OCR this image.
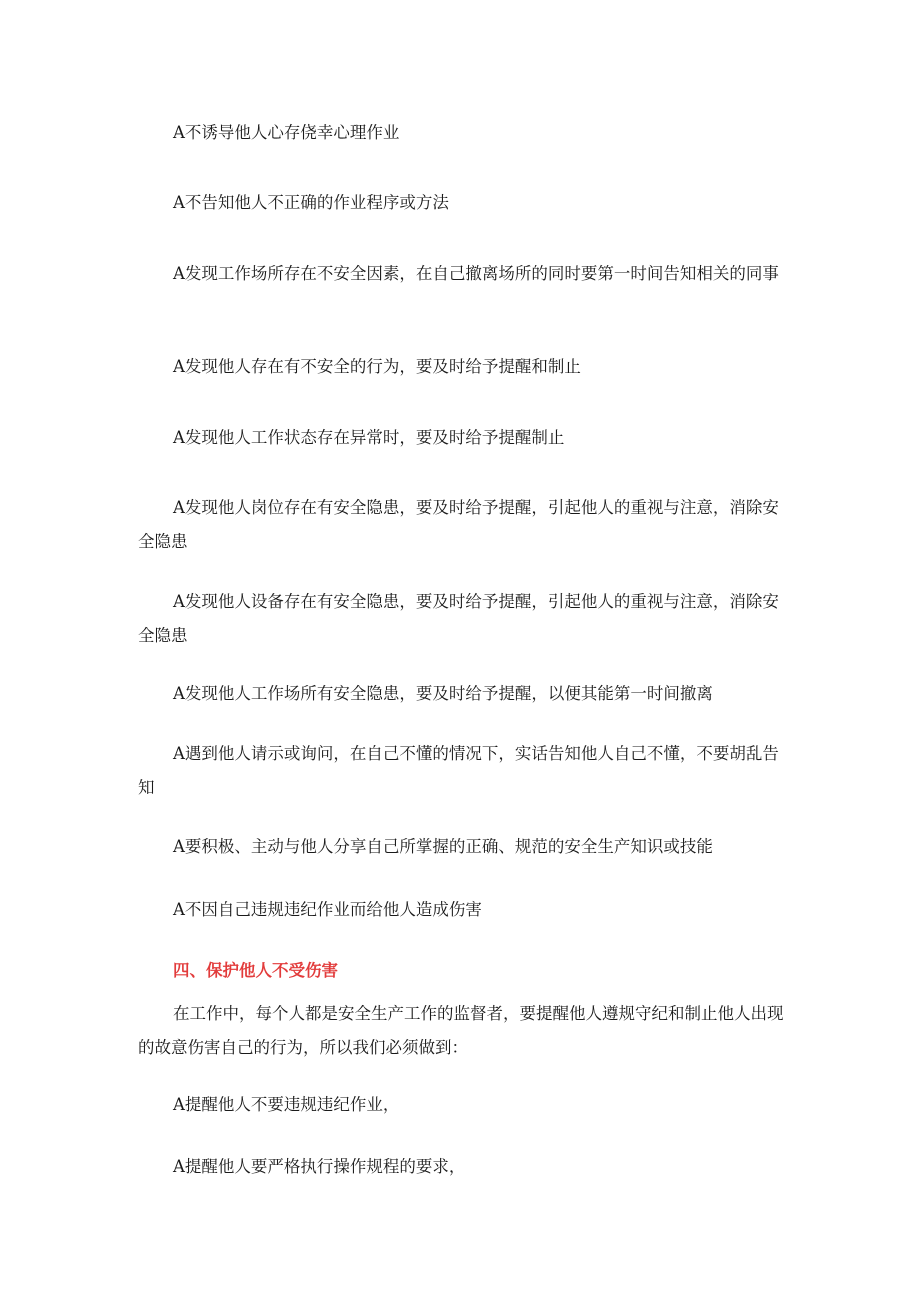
A不诱导他人心存侥幸心理作业

A不告知他人不正确的作业程序或方法

A发现工作场所存在不安全因素，在自己撤离场所的同时要第一时间告知相关的同事

A发现他人存在有不安全的行为，要及时给予提醒和制止

A发现他人工作状态存在异常时，要及时给予提醒制止

A发现他人岗位存在有安全隐患，要及时给予提醒，引起他人的重视与注意，消除安全隐患

A发现他人设备存在有安全隐患，要及时给予提醒，引起他人的重视与注意，消除安全隐患

A发现他人工作场所有安全隐患，要及时给予提醒，以便其能第一时间撤离

A遇到他人请示或询问，在自己不懂的情况下，实话告知他人自己不懂，不要胡乱告知

A要积极、主动与他人分享自己所掌握的正确、规范的安全生产知识或技能

A不因自己违规违纪作业而给他人造成伤害

四、保护他人不受伤害

在工作中，每个人都是安全生产工作的监督者，要提醒他人遵规守纪和制止他人出现的故意伤害自己的行为，所以我们必须做到：

A提醒他人不要违规违纪作业，

A提醒他人要严格执行操作规程的要求，
